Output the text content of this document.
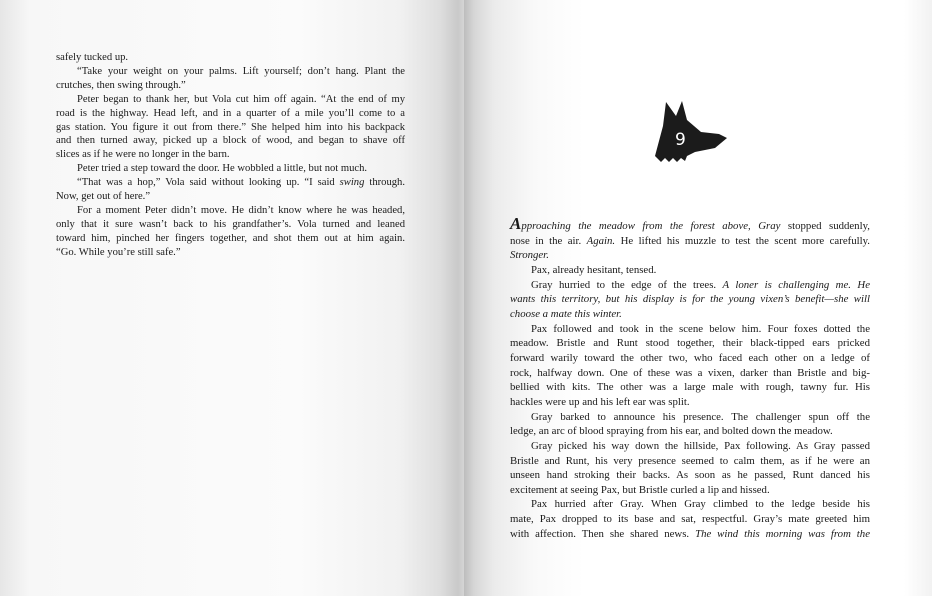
safely tucked up.
“Take your weight on your palms. Lift yourself; don’t hang. Plant the
crutches, then swing through.”
Peter began to thank her, but Vola cut him off again. “At the end of my
road is the highway. Head left, and in a quarter of a mile you’ll come to a
gas station. You figure it out from there.” She helped him into his backpack
and then turned away, picked up a block of wood, and began to shave off
slices as if he were no longer in the barn.
Peter tried a step toward the door. He wobbled a little, but not much.
“That was a hop,” Vola said without looking up. “I said swing through.
Now, get out of here.”
For a moment Peter didn’t move. He didn’t know where he was headed,
only that it sure wasn’t back to his grandfather’s. Vola turned and leaned
toward him, pinched her fingers together, and shot them out at him again.
“Go. While you’re still safe.”
9
Approaching the meadow from the forest above, Gray stopped suddenly,
nose in the air. Again. He lifted his muzzle to test the scent more carefully.
Stronger.
Pax, already hesitant, tensed.
Gray hurried to the edge of the trees. A loner is challenging me. He
wants this territory, but his display is for the young vixen’s benefit—she will
choose a mate this winter.
Pax followed and took in the scene below him. Four foxes dotted the
meadow. Bristle and Runt stood together, their black-tipped ears pricked
forward warily toward the other two, who faced each other on a ledge of
rock, halfway down. One of these was a vixen, darker than Bristle and big-
bellied with kits. The other was a large male with rough, tawny fur. His
hackles were up and his left ear was split.
Gray barked to announce his presence. The challenger spun off the
ledge, an arc of blood spraying from his ear, and bolted down the meadow.
Gray picked his way down the hillside, Pax following. As Gray passed
Bristle and Runt, his very presence seemed to calm them, as if he were an
unseen hand stroking their backs. As soon as he passed, Runt danced his
excitement at seeing Pax, but Bristle curled a lip and hissed.
Pax hurried after Gray. When Gray climbed to the ledge beside his
mate, Pax dropped to its base and sat, respectful. Gray’s mate greeted him
with affection. Then she shared news. The wind this morning was from the
